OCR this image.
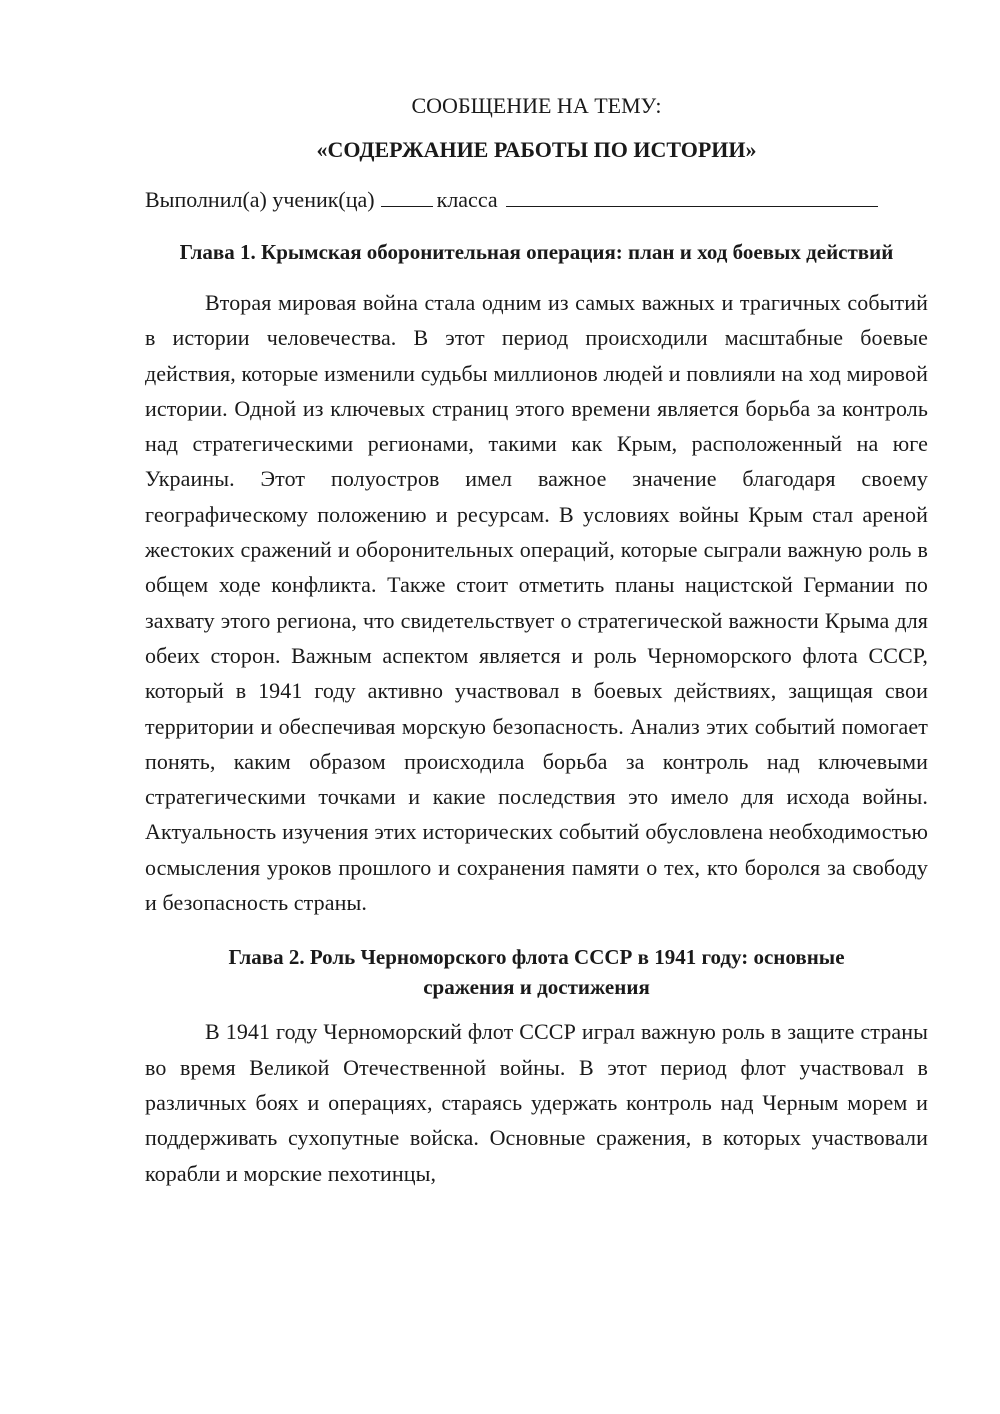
СООБЩЕНИЕ НА ТЕМУ:

«СОДЕРЖАНИЕ РАБОТЫ ПО ИСТОРИИ»

Выполнил(а) ученик(ца)	класса

Глава 1. Крымская оборонительная операция: план и ход боевых действий

Вторая мировая война стала одним из самых важных и трагичных событий в истории человечества. В этот период происходили масштабные боевые действия, которые изменили судьбы миллионов людей и повлияли на ход мировой истории. Одной из ключевых страниц этого времени является борьба за контроль над стратегическими регионами, такими как Крым, расположенный на юге Украины. Этот полуостров имел важное значение благодаря своему географическому положению и ресурсам. В условиях войны Крым стал ареной жестоких сражений и оборонительных операций, которые сыграли важную роль в общем ходе конфликта. Также стоит отметить планы нацистской Германии по захвату этого региона, что свидетельствует о стратегической важности Крыма для обеих сторон. Важным аспектом является и роль Черноморского флота СССР, который в 1941 году активно участвовал в боевых действиях, защищая свои территории и обеспечивая морскую безопасность. Анализ этих событий помогает понять, каким образом происходила борьба за контроль над ключевыми стратегическими точками и какие последствия это имело для исхода войны. Актуальность изучения этих исторических событий обусловлена необходимостью осмысления уроков прошлого и сохранения памяти о тех, кто боролся за свободу и безопасность страны.

Глава 2. Роль Черноморского флота СССР в 1941 году: основные сражения и достижения

В 1941 году Черноморский флот СССР играл важную роль в защите страны во время Великой Отечественной войны. В этот период флот участвовал в различных боях и операциях, стараясь удержать контроль над Черным морем и поддерживать сухопутные войска. Основные сражения, в которых участвовали корабли и морские пехотинцы,
